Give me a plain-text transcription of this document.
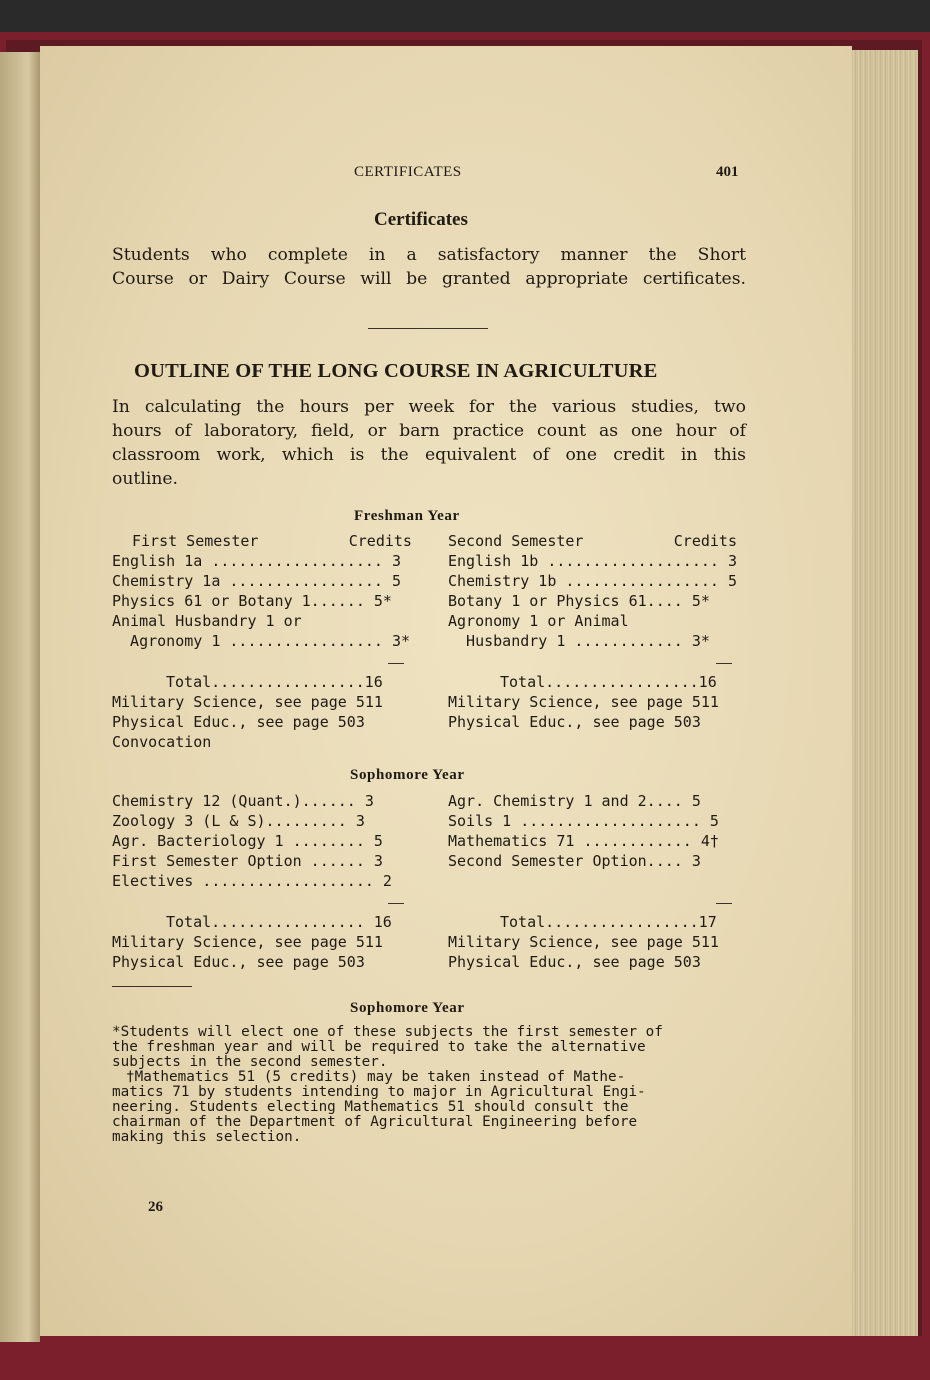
CERTIFICATES	401
Certificates
Students who complete in a satisfactory manner the Short
Course or Dairy Course will be granted appropriate certificates.
OUTLINE OF THE LONG COURSE IN AGRICULTURE
In calculating the hours per week for the various studies, two
hours of laboratory, field, or barn practice count as one hour of
classroom work, which is the equivalent of one credit in this
outline.
Freshman Year
First Semester          Credits
English 1a ................... 3
Chemistry 1a ................. 5
Physics 61 or Botany 1...... 5*
Animal Husbandry 1 or
Agronomy 1 ................. 3*
Total.................16
Military Science, see page 511
Physical Educ., see page 503
Convocation
Second Semester          Credits
English 1b ................... 3
Chemistry 1b ................. 5
Botany 1 or Physics 61.... 5*
Agronomy 1 or Animal
Husbandry 1 ............ 3*
Total.................16
Military Science, see page 511
Physical Educ., see page 503
Sophomore Year
Chemistry 12 (Quant.)...... 3
Zoology 3 (L & S)......... 3
Agr. Bacteriology 1 ........ 5
First Semester Option ...... 3
Electives ................... 2
Total................. 16
Military Science, see page 511
Physical Educ., see page 503
Agr. Chemistry 1 and 2.... 5
Soils 1 .................... 5
Mathematics 71 ............ 4†
Second Semester Option.... 3
Total.................17
Military Science, see page 511
Physical Educ., see page 503
Sophomore Year
*Students will elect one of these subjects the first semester of
the freshman year and will be required to take the alternative
subjects in the second semester.
†Mathematics 51 (5 credits) may be taken instead of Mathe-
matics 71 by students intending to major in Agricultural Engi-
neering. Students electing Mathematics 51 should consult the
chairman of the Department of Agricultural Engineering before
making this selection.
26
